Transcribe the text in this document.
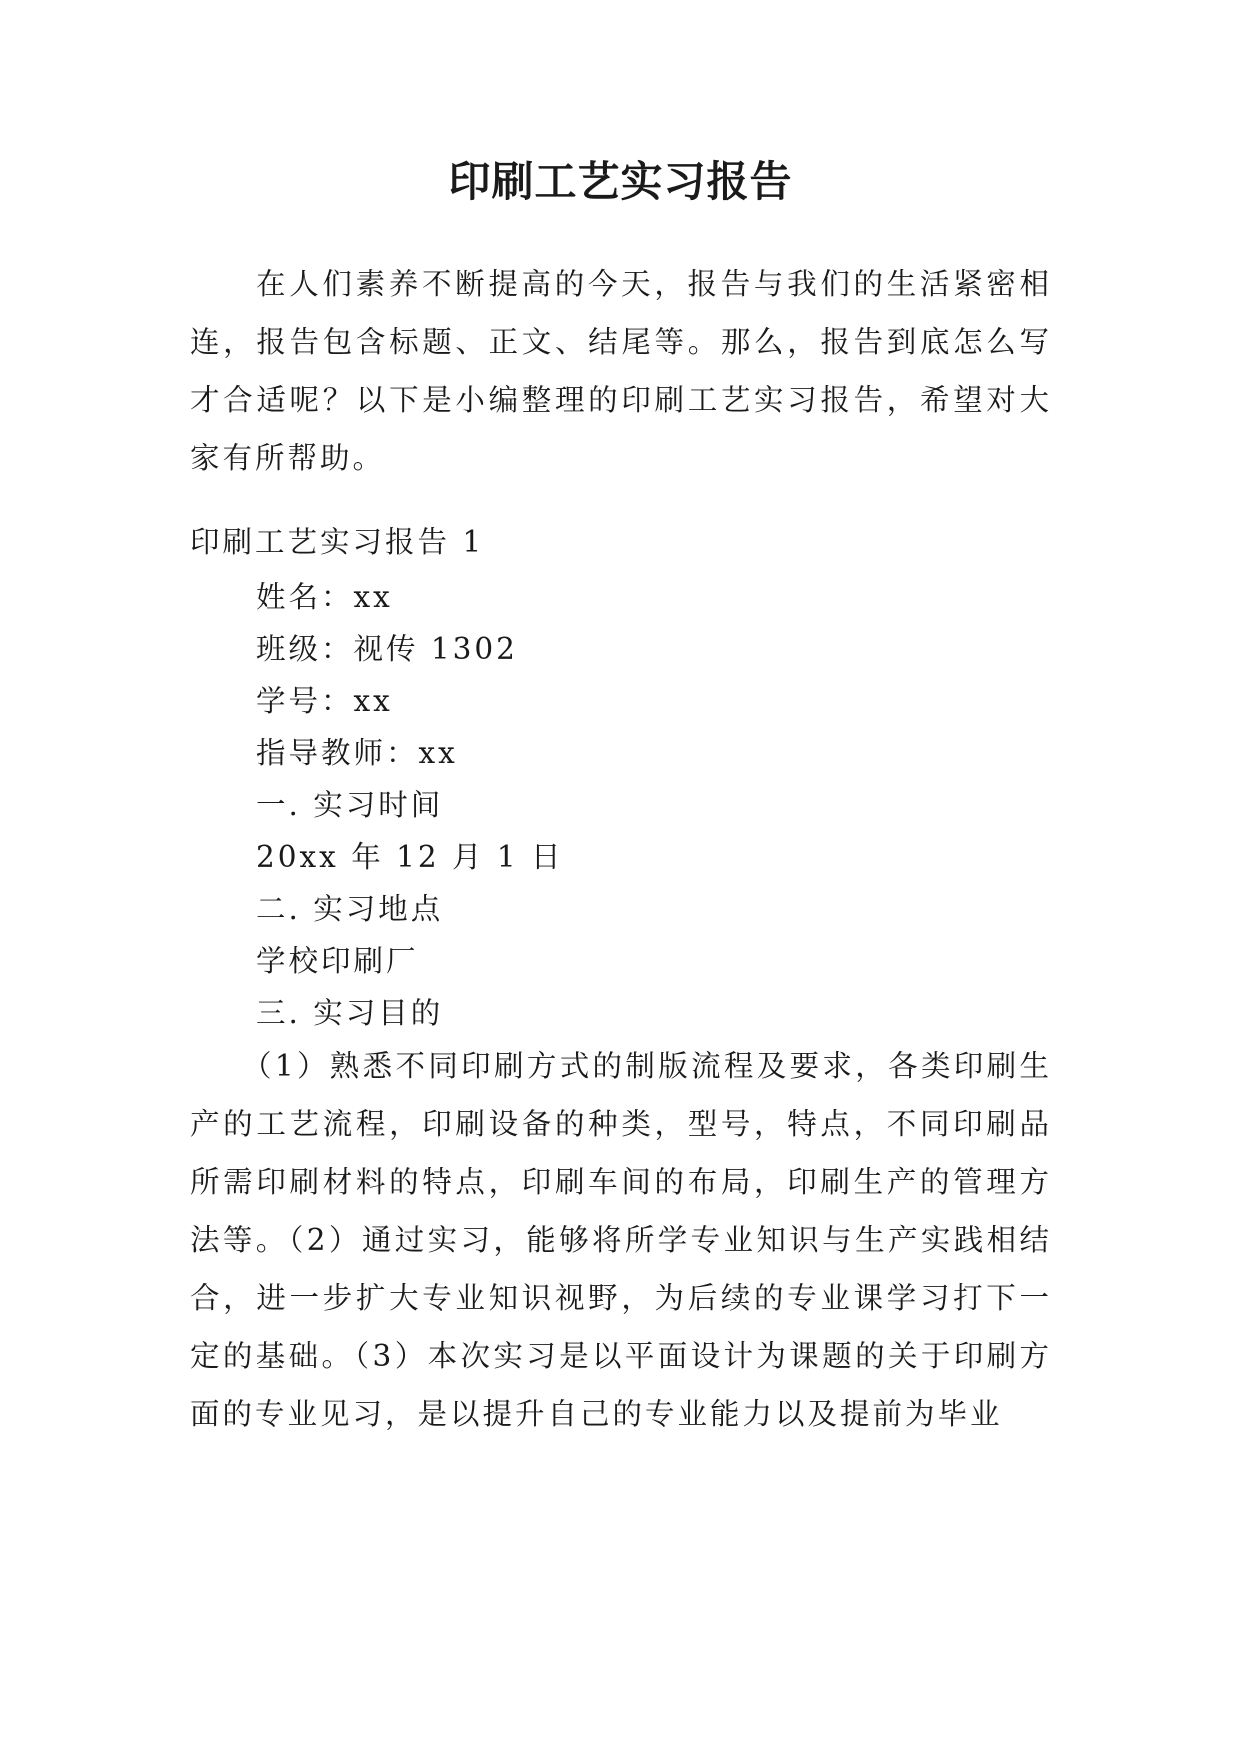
印刷工艺实习报告

在人们素养不断提高的今天，报告与我们的生活紧密相连，报告包含标题、正文、结尾等。那么，报告到底怎么写才合适呢？以下是小编整理的印刷工艺实习报告，希望对大家有所帮助。

印刷工艺实习报告 1

姓名：xx

班级：视传 1302

学号：xx

指导教师：xx

一. 实习时间

20xx 年 12 月 1 日

二. 实习地点

学校印刷厂

三. 实习目的

（1）熟悉不同印刷方式的制版流程及要求，各类印刷生产的工艺流程，印刷设备的种类，型号，特点，不同印刷品所需印刷材料的特点，印刷车间的布局，印刷生产的管理方法等。（2）通过实习，能够将所学专业知识与生产实践相结合，进一步扩大专业知识视野，为后续的专业课学习打下一定的基础。（3）本次实习是以平面设计为课题的关于印刷方面的专业见习，是以提升自己的专业能力以及提前为毕业
